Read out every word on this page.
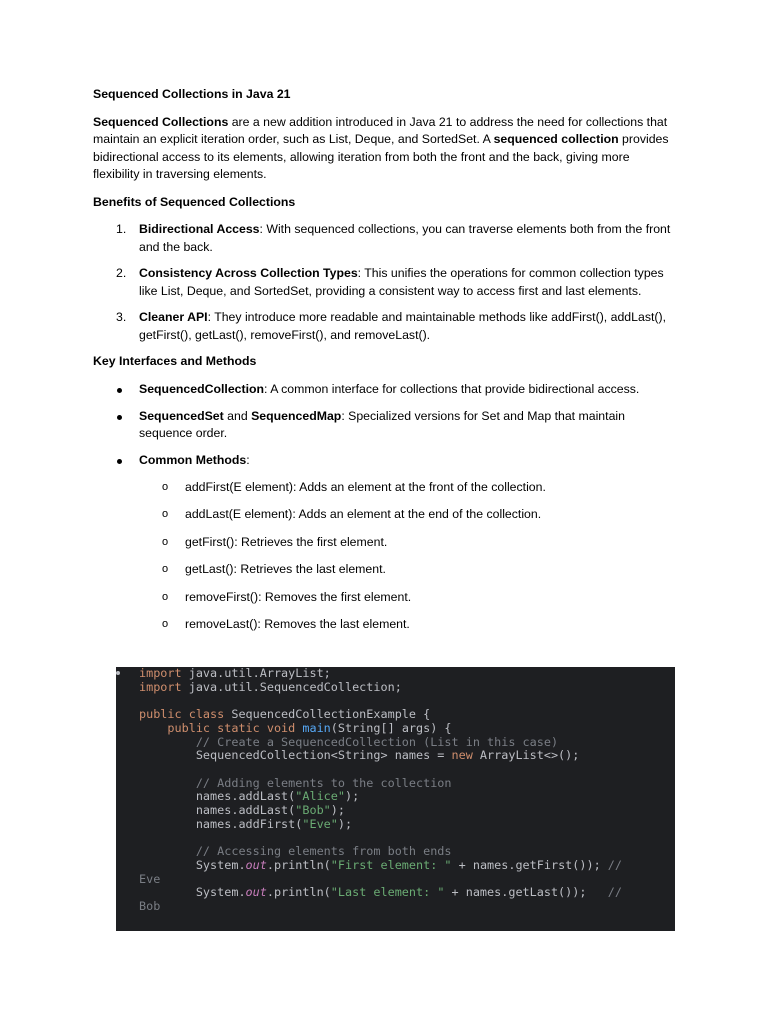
Sequenced Collections in Java 21

Sequenced Collections are a new addition introduced in Java 21 to address the need for collections that maintain an explicit iteration order, such as List, Deque, and SortedSet. A sequenced collection provides bidirectional access to its elements, allowing iteration from both the front and the back, giving more flexibility in traversing elements.

Benefits of Sequenced Collections
1. Bidirectional Access: With sequenced collections, you can traverse elements both from the front and the back.
2. Consistency Across Collection Types: This unifies the operations for common collection types like List, Deque, and SortedSet, providing a consistent way to access first and last elements.
3. Cleaner API: They introduce more readable and maintainable methods like addFirst(), addLast(), getFirst(), getLast(), removeFirst(), and removeLast().
Key Interfaces and Methods
SequencedCollection: A common interface for collections that provide bidirectional access.
SequencedSet and SequencedMap: Specialized versions for Set and Map that maintain sequence order.
Common Methods:
o addFirst(E element): Adds an element at the front of the collection.
o addLast(E element): Adds an element at the end of the collection.
o getFirst(): Retrieves the first element.
o getLast(): Retrieves the last element.
o removeFirst(): Removes the first element.
o removeLast(): Removes the last element.
import java.util.ArrayList;
import java.util.SequencedCollection;

public class SequencedCollectionExample {
public static void main(String[] args) {
// Create a SequencedCollection (List in this case)
SequencedCollection<String> names = new ArrayList<>();

// Adding elements to the collection
names.addLast("Alice");
names.addLast("Bob");
names.addFirst("Eve");

// Accessing elements from both ends
System.out.println("First element: " + names.getFirst()); //
Eve
System.out.println("Last element: " + names.getLast());   //
Bob
